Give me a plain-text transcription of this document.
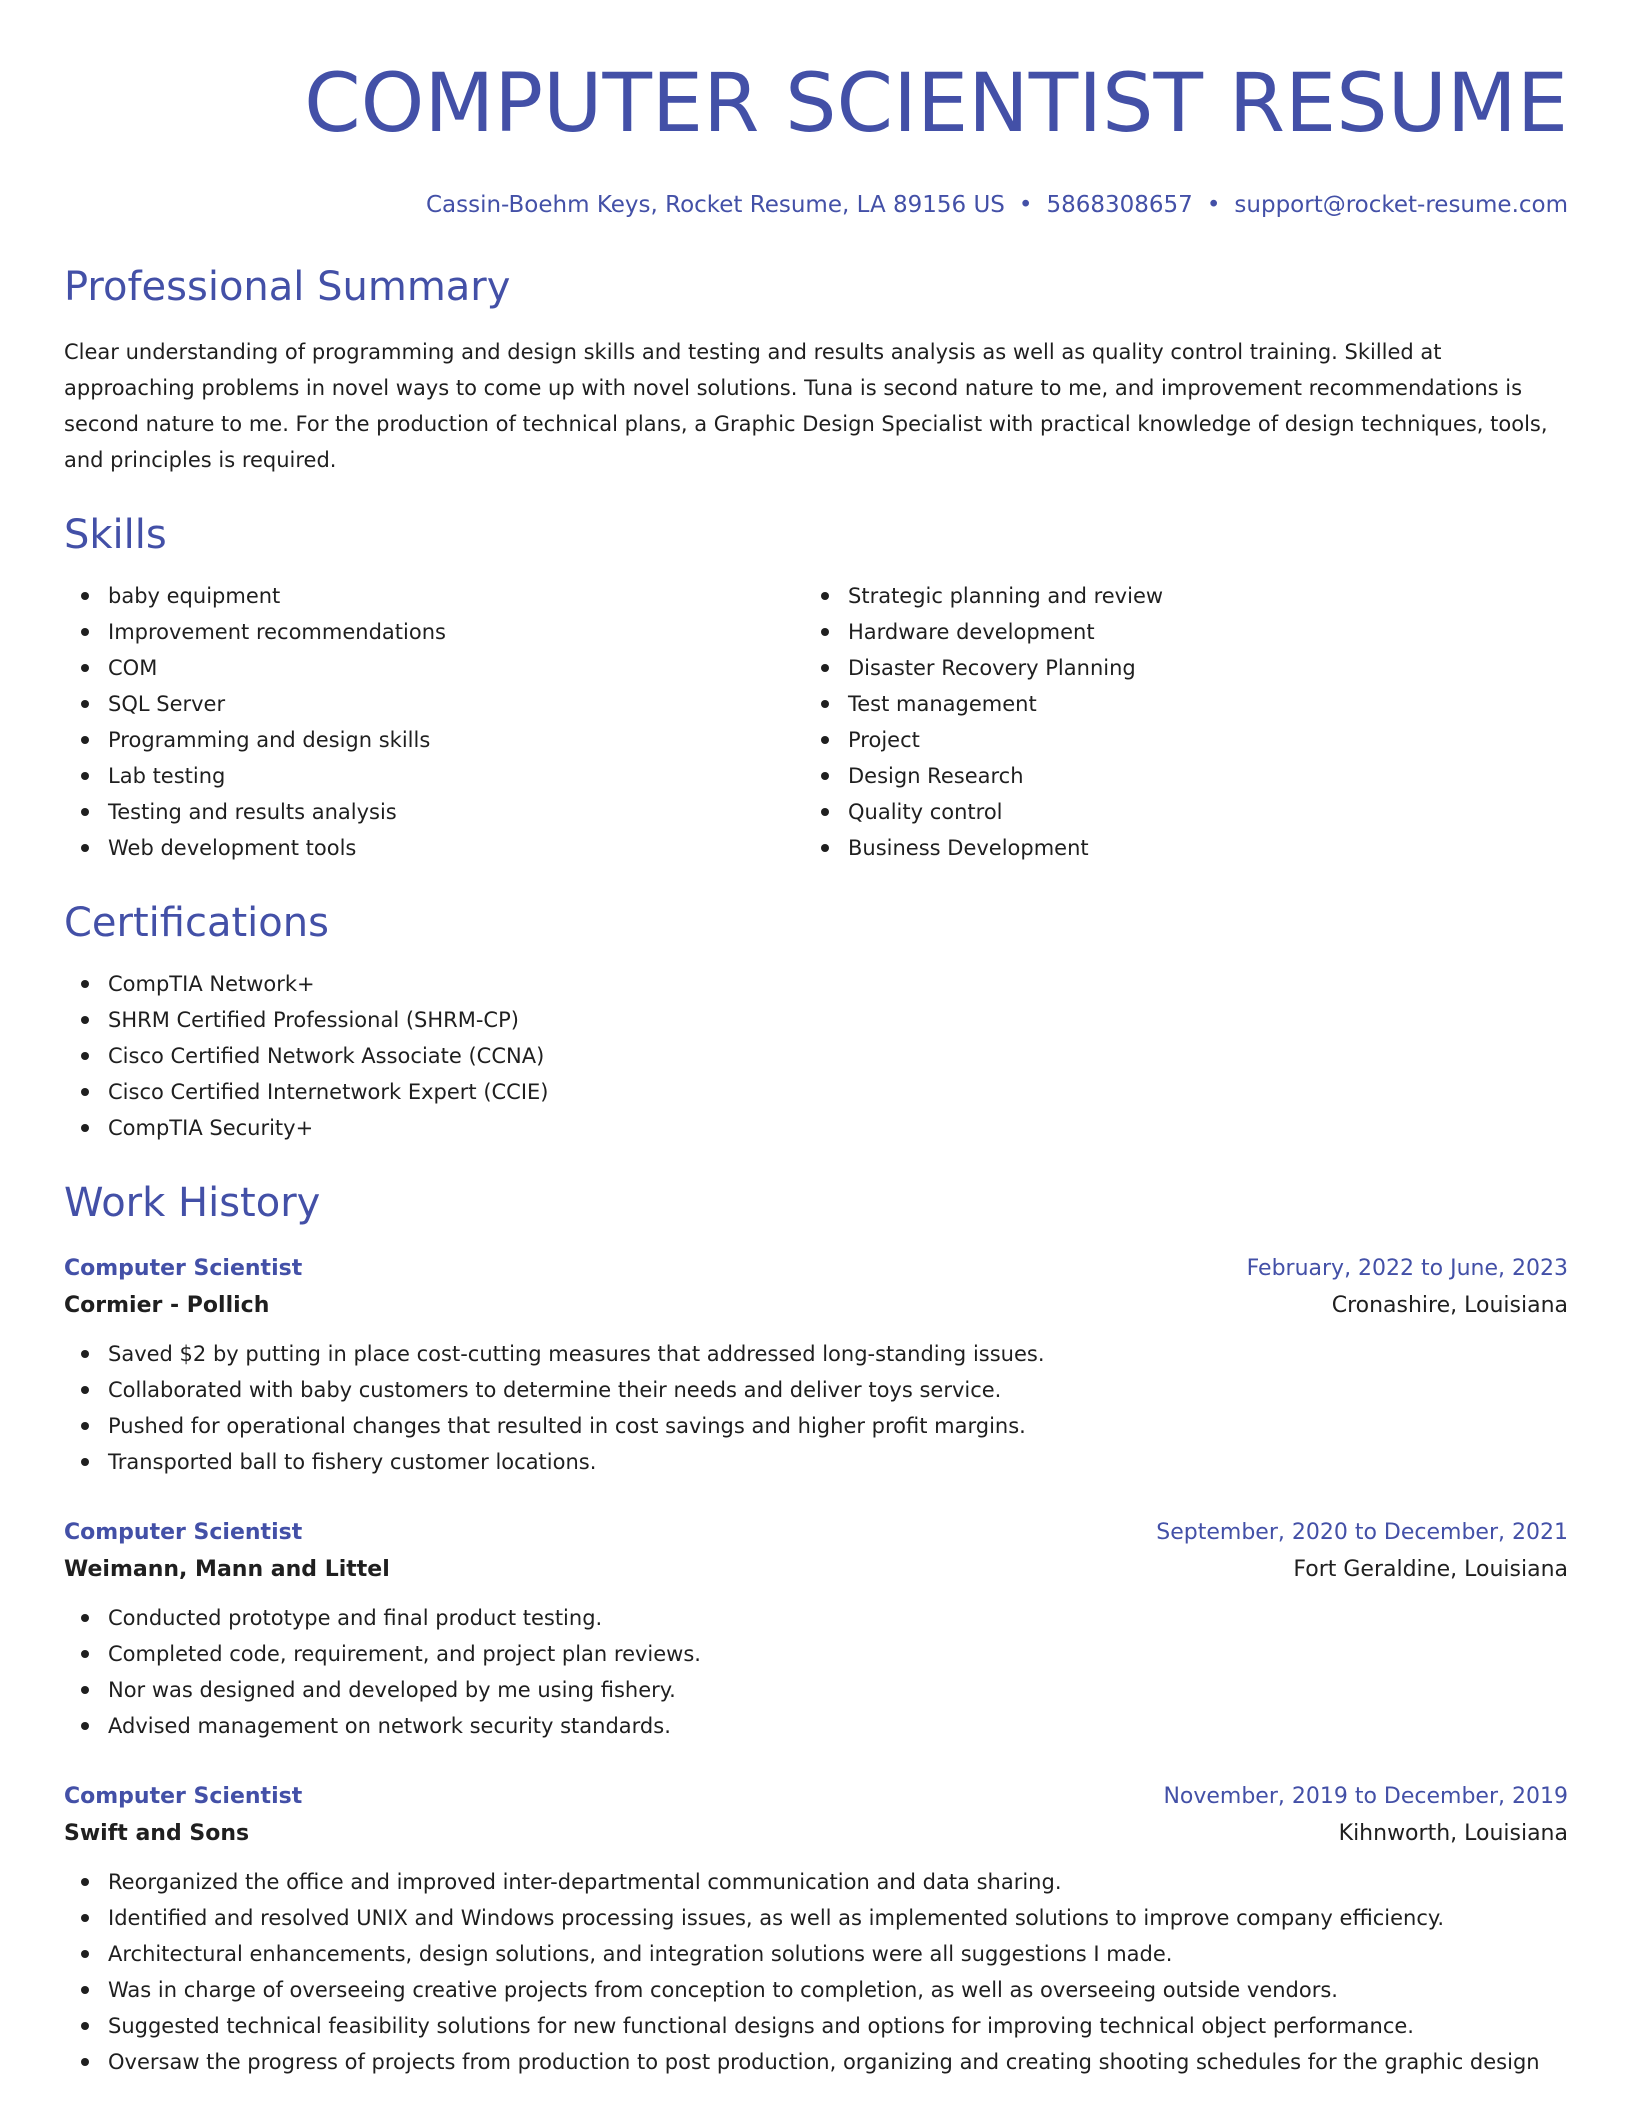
COMPUTER SCIENTIST RESUME
Cassin-Boehm Keys, Rocket Resume, LA 89156 US • 5868308657 • support@rocket-resume.com
Professional Summary

Clear understanding of programming and design skills and testing and results analysis as well as quality control training. Skilled at approaching problems in novel ways to come up with novel solutions. Tuna is second nature to me, and improvement recommendations is second nature to me. For the production of technical plans, a Graphic Design Specialist with practical knowledge of design techniques, tools, and principles is required.

Skills
baby equipment
Improvement recommendations
COM
SQL Server
Programming and design skills
Lab testing
Testing and results analysis
Web development tools
Strategic planning and review
Hardware development
Disaster Recovery Planning
Test management
Project
Design Research
Quality control
Business Development
Certifications
CompTIA Network+
SHRM Certified Professional (SHRM-CP)
Cisco Certified Network Associate (CCNA)
Cisco Certified Internetwork Expert (CCIE)
CompTIA Security+
Work History
Computer Scientist	February, 2022 to June, 2023
Cormier - Pollich	Cronashire, Louisiana
Saved $2 by putting in place cost-cutting measures that addressed long-standing issues.
Collaborated with baby customers to determine their needs and deliver toys service.
Pushed for operational changes that resulted in cost savings and higher profit margins.
Transported ball to fishery customer locations.
Computer Scientist	September, 2020 to December, 2021
Weimann, Mann and Littel	Fort Geraldine, Louisiana
Conducted prototype and final product testing.
Completed code, requirement, and project plan reviews.
Nor was designed and developed by me using fishery.
Advised management on network security standards.
Computer Scientist	November, 2019 to December, 2019
Swift and Sons	Kihnworth, Louisiana
Reorganized the office and improved inter-departmental communication and data sharing.
Identified and resolved UNIX and Windows processing issues, as well as implemented solutions to improve company efficiency.
Architectural enhancements, design solutions, and integration solutions were all suggestions I made.
Was in charge of overseeing creative projects from conception to completion, as well as overseeing outside vendors.
Suggested technical feasibility solutions for new functional designs and options for improving technical object performance.
Oversaw the progress of projects from production to post production, organizing and creating shooting schedules for the graphic design
